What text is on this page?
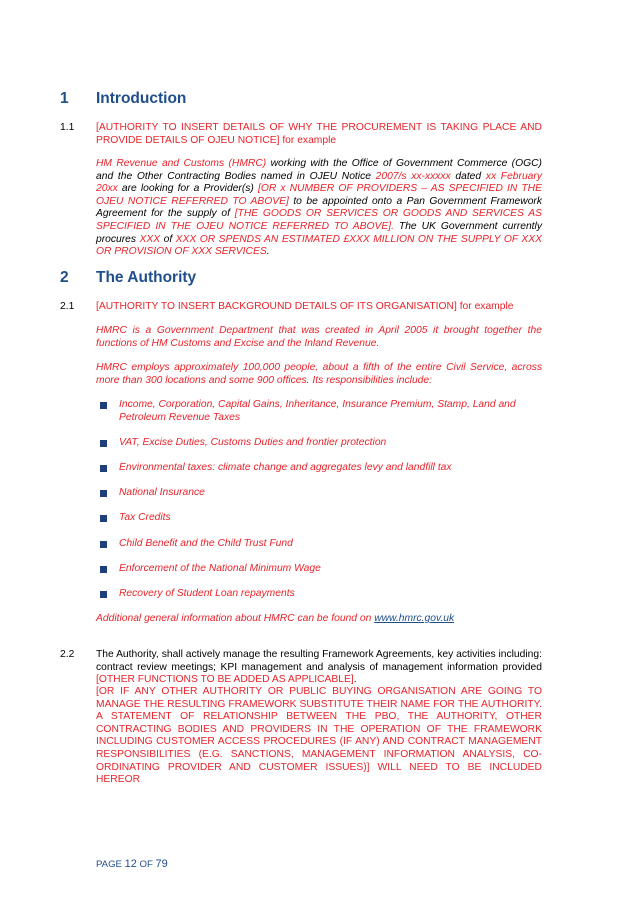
1 Introduction
1.1 [AUTHORITY TO INSERT DETAILS OF WHY THE PROCUREMENT IS TAKING PLACE AND PROVIDE DETAILS OF OJEU NOTICE] for example
HM Revenue and Customs (HMRC) working with the Office of Government Commerce (OGC) and the Other Contracting Bodies named in OJEU Notice 2007/s xx-xxxxx dated xx February 20xx are looking for a Provider(s) [OR x NUMBER OF PROVIDERS – AS SPECIFIED IN THE OJEU NOTICE REFERRED TO ABOVE] to be appointed onto a Pan Government Framework Agreement for the supply of [THE GOODS OR SERVICES OR GOODS AND SERVICES AS SPECIFIED IN THE OJEU NOTICE REFERRED TO ABOVE]. The UK Government currently procures XXX of XXX OR SPENDS AN ESTIMATED £XXX MILLION ON THE SUPPLY OF XXX OR PROVISION OF XXX SERVICES.
2 The Authority
2.1 [AUTHORITY TO INSERT BACKGROUND DETAILS OF ITS ORGANISATION] for example
HMRC is a Government Department that was created in April 2005 it brought together the functions of HM Customs and Excise and the Inland Revenue.
HMRC employs approximately 100,000 people, about a fifth of the entire Civil Service, across more than 300 locations and some 900 offices. Its responsibilities include:
Income, Corporation, Capital Gains, Inheritance, Insurance Premium, Stamp, Land and Petroleum Revenue Taxes
VAT, Excise Duties, Customs Duties and frontier protection
Environmental taxes: climate change and aggregates levy and landfill tax
National Insurance
Tax Credits
Child Benefit and the Child Trust Fund
Enforcement of the National Minimum Wage
Recovery of Student Loan repayments
Additional general information about HMRC can be found on www.hmrc.gov.uk
2.2 The Authority, shall actively manage the resulting Framework Agreements, key activities including: contract review meetings; KPI management and analysis of management information provided [OTHER FUNCTIONS TO BE ADDED AS APPLICABLE].
[OR IF ANY OTHER AUTHORITY OR PUBLIC BUYING ORGANISATION ARE GOING TO MANAGE THE RESULTING FRAMEWORK SUBSTITUTE THEIR NAME FOR THE AUTHORITY. A STATEMENT OF RELATIONSHIP BETWEEN THE PBO, THE AUTHORITY, OTHER CONTRACTING BODIES AND PROVIDERS IN THE OPERATION OF THE FRAMEWORK INCLUDING CUSTOMER ACCESS PROCEDURES (IF ANY) AND CONTRACT MANAGEMENT RESPONSIBILITIES (E.G. SANCTIONS, MANAGEMENT INFORMATION ANALYSIS, CO-ORDINATING PROVIDER AND CUSTOMER ISSUES)] WILL NEED TO BE INCLUDED HEREOR
PAGE 12 OF 79
